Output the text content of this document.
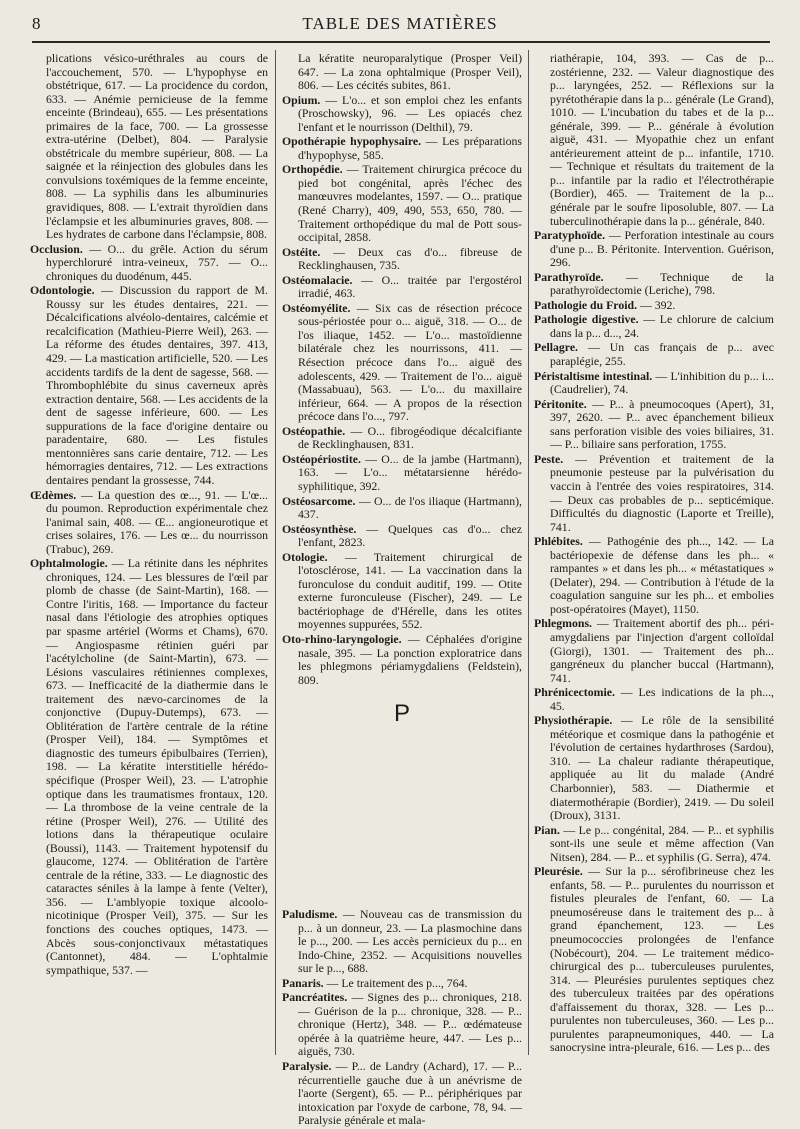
8	TABLE DES MATIÈRES

plications vésico-uréthrales au cours de l'accouchement, 570. — L'hypophyse en obstétrique, 617. — La procidence du cordon, 633. — Anémie pernicieuse de la femme enceinte (Brindeau), 655. — Les présentations primaires de la face, 700. — La grossesse extra-utérine (Delbet), 804. — Paralysie obstétricale du membre supérieur, 808. — La saignée et la réinjection des globules dans les convulsions toxémiques de la femme enceinte, 808. — La syphilis dans les albuminuries gravidiques, 808. — L'extrait thyroïdien dans l'éclampsie et les albuminuries graves, 808. — Les hydrates de carbone dans l'éclampsie, 808.

Occlusion. — O... du grêle. Action du sérum hyperchloruré intra-veineux, 757. — O... chroniques du duodénum, 445.

Odontologie. — Discussion du rapport de M. Roussy sur les études dentaires, 221. — Décalcifications alvéolo-dentaires, calcémie et recalcification (Mathieu-Pierre Weil), 263. — La réforme des études dentaires, 397. 413, 429. — La mastication artificielle, 520. — Les accidents tardifs de la dent de sagesse, 568. — Thrombophlébite du sinus caverneux après extraction dentaire, 568. — Les accidents de la dent de sagesse inférieure, 600. — Les suppurations de la face d'origine dentaire ou paradentaire, 680. — Les fistules mentonnières sans carie dentaire, 712. — Les hémorragies dentaires, 712. — Les extractions dentaires pendant la grossesse, 744.

Œdèmes. — La question des œ..., 91. — L'œ... du poumon. Reproduction expérimentale chez l'animal sain, 408. — Œ... angioneurotique et crises solaires, 176. — Les œ... du nourrisson (Trabuc), 269.

Ophtalmologie. — La rétinite dans les néphrites chroniques, 124. — Les blessures de l'œil par plomb de chasse (de Saint-Martin), 168. — Contre l'iritis, 168. — Importance du facteur nasal dans l'étiologie des atrophies optiques par spasme artériel (Worms et Chams), 670. — Angiospasme rétinien guéri par l'acétylcholine (de Saint-Martin), 673. — Lésions vasculaires rétiniennes complexes, 673. — Inefficacité de la diathermie dans le traitement des nævo-carcinomes de la conjonctive (Dupuy-Dutemps), 673. — Oblitération de l'artère centrale de la rétine (Prosper Veil), 184. — Symptômes et diagnostic des tumeurs épibulbaires (Terrien), 198. — La kératite interstitielle hérédo-spécifique (Prosper Weil), 23. — L'atrophie optique dans les traumatismes frontaux, 120. — La thrombose de la veine centrale de la rétine (Prosper Weil), 276. — Utilité des lotions dans la thérapeutique oculaire (Boussi), 1143. — Traitement hypotensif du glaucome, 1274. — Oblitération de l'artère centrale de la rétine, 333. — Le diagnostic des cataractes séniles à la lampe à fente (Velter), 356. — L'amblyopie toxique alcoolo-nicotinique (Prosper Veil), 375. — Sur les fonctions des couches optiques, 1473. — Abcès sous-conjonctivaux métastatiques (Cantonnet), 484. — L'ophtalmie sympathique, 537. —

La kératite neuroparalytique (Prosper Veil) 647. — La zona ophtalmique (Prosper Veil), 806. — Les cécités subites, 861.

Opium. — L'o... et son emploi chez les enfants (Proschowsky), 96. — Les opiacés chez l'enfant et le nourrisson (Delthil), 79.

Opothérapie hypophysaire. — Les préparations d'hypophyse, 585.

Orthopédie. — Traitement chirurgica précoce du pied bot congénital, après l'échec des manœuvres modelantes, 1597. — O... pratique (René Charry), 409, 490, 553, 650, 780. — Traitement orthopédique du mal de Pott sous-occipital, 2858.

Ostéite. — Deux cas d'o... fibreuse de Recklinghausen, 735.

Ostéomalacie. — O... traitée par l'ergostérol irradié, 463.

Ostéomyélite. — Six cas de résection précoce sous-périostée pour o... aiguë, 318. — O... de l'os iliaque, 1452. — L'o... mastoïdienne bilatérale chez les nourrissons, 411. — Résection précoce dans l'o... aiguë des adolescents, 429. — Traitement de l'o... aiguë (Massabuau), 563. — L'o... du maxillaire inférieur, 664. — A propos de la résection précoce dans l'o..., 797.

Ostéopathie. — O... fibrogéodique décalcifiante de Recklinghausen, 831.

Ostéopériostite. — O... de la jambe (Hartmann), 163. — L'o... métatarsienne hérédo-syphilitique, 392.

Ostéosarcome. — O... de l'os iliaque (Hartmann), 437.

Ostéosynthèse. — Quelques cas d'o... chez l'enfant, 2823.

Otologie. — Traitement chirurgical de l'otosclérose, 141. — La vaccination dans la furonculose du conduit auditif, 199. — Otite externe furonculeuse (Fischer), 249. — Le bactériophage de d'Hérelle, dans les otites moyennes suppurées, 552.

Oto-rhino-laryngologie. — Céphalées d'origine nasale, 395. — La ponction exploratrice dans les phlegmons périamygdaliens (Feldstein), 809.

P

Paludisme. — Nouveau cas de transmission du p... à un donneur, 23. — La plasmochine dans le p..., 200. — Les accès pernicieux du p... en Indo-Chine, 2352. — Acquisitions nouvelles sur le p..., 688.

Panaris. — Le traitement des p..., 764.

Pancréatites. — Signes des p... chroniques, 218. — Guérison de la p... chronique, 328. — P... chronique (Hertz), 348. — P... œdémateuse opérée à la quatrième heure, 447. — Les p... aiguës, 730.

Paralysie. — P... de Landry (Achard), 17. — P... récurrentielle gauche due à un anévrisme de l'aorte (Sergent), 65. — P... périphériques par intoxication par l'oxyde de carbone, 78, 94. — Paralysie générale et mala-

riathérapie, 104, 393. — Cas de p... zostérienne, 232. — Valeur diagnostique des p... laryngées, 252. — Réflexions sur la pyrétothérapie dans la p... générale (Le Grand), 1010. — L'incubation du tabes et de la p... générale, 399. — P... générale à évolution aiguë, 431. — Myopathie chez un enfant antérieurement atteint de p... infantile, 1710. — Technique et résultats du traitement de la p... infantile par la radio et l'électrothérapie (Bordier), 465. — Traitement de la p... générale par le soufre liposoluble, 807. — La tuberculinothérapie dans la p... générale, 840.

Paratyphoïde. — Perforation intestinale au cours d'une p... B. Péritonite. Intervention. Guérison, 296.

Parathyroïde. — Technique de la parathyroïdectomie (Leriche), 798.

Pathologie du Froid. — 392.

Pathologie digestive. — Le chlorure de calcium dans la p... d..., 24.

Pellagre. — Un cas français de p... avec paraplégie, 255.

Péristaltisme intestinal. — L'inhibition du p... i... (Caudrelier), 74.

Péritonite. — P... à pneumocoques (Apert), 31, 397, 2620. — P... avec épanchement bilieux sans perforation visible des voies biliaires, 31. — P... biliaire sans perforation, 1755.

Peste. — Prévention et traitement de la pneumonie pesteuse par la pulvérisation du vaccin à l'entrée des voies respiratoires, 314. — Deux cas probables de p... septicémique. Difficultés du diagnostic (Laporte et Treille), 741.

Phlébites. — Pathogénie des ph..., 142. — La bactériopexie de défense dans les ph... « rampantes » et dans les ph... « métastatiques » (Delater), 294. — Contribution à l'étude de la coagulation sanguine sur les ph... et embolies post-opératoires (Mayet), 1150.

Phlegmons. — Traitement abortif des ph... péri-amygdaliens par l'injection d'argent colloïdal (Giorgi), 1301. — Traitement des ph... gangréneux du plancher buccal (Hartmann), 741.

Phrénicectomie. — Les indications de la ph..., 45.

Physiothérapie. — Le rôle de la sensibilité météorique et cosmique dans la pathogénie et l'évolution de certaines hydarthroses (Sardou), 310. — La chaleur radiante thérapeutique, appliquée au lit du malade (André Charbonnier), 583. — Diathermie et diatermothérapie (Bordier), 2419. — Du soleil (Droux), 3131.

Pian. — Le p... congénital, 284. — P... et syphilis sont-ils une seule et même affection (Van Nitsen), 284. — P... et syphilis (G. Serra), 474.

Pleurésie. — Sur la p... sérofibrineuse chez les enfants, 58. — P... purulentes du nourrisson et fistules pleurales de l'enfant, 60. — La pneumoséreuse dans le traitement des p... à grand épanchement, 123. — Les pneumococcies prolongées de l'enfance (Nobécourt), 204. — Le traitement médico-chirurgical des p... tuberculeuses purulentes, 314. — Pleurésies purulentes septiques chez des tuberculeux traitées par des opérations d'affaissement du thorax, 328. — Les p... purulentes non tuberculeuses, 360. — Les p... purulentes parapneumoniques, 440. — La sanocrysine intra-pleurale, 616. — Les p... des
